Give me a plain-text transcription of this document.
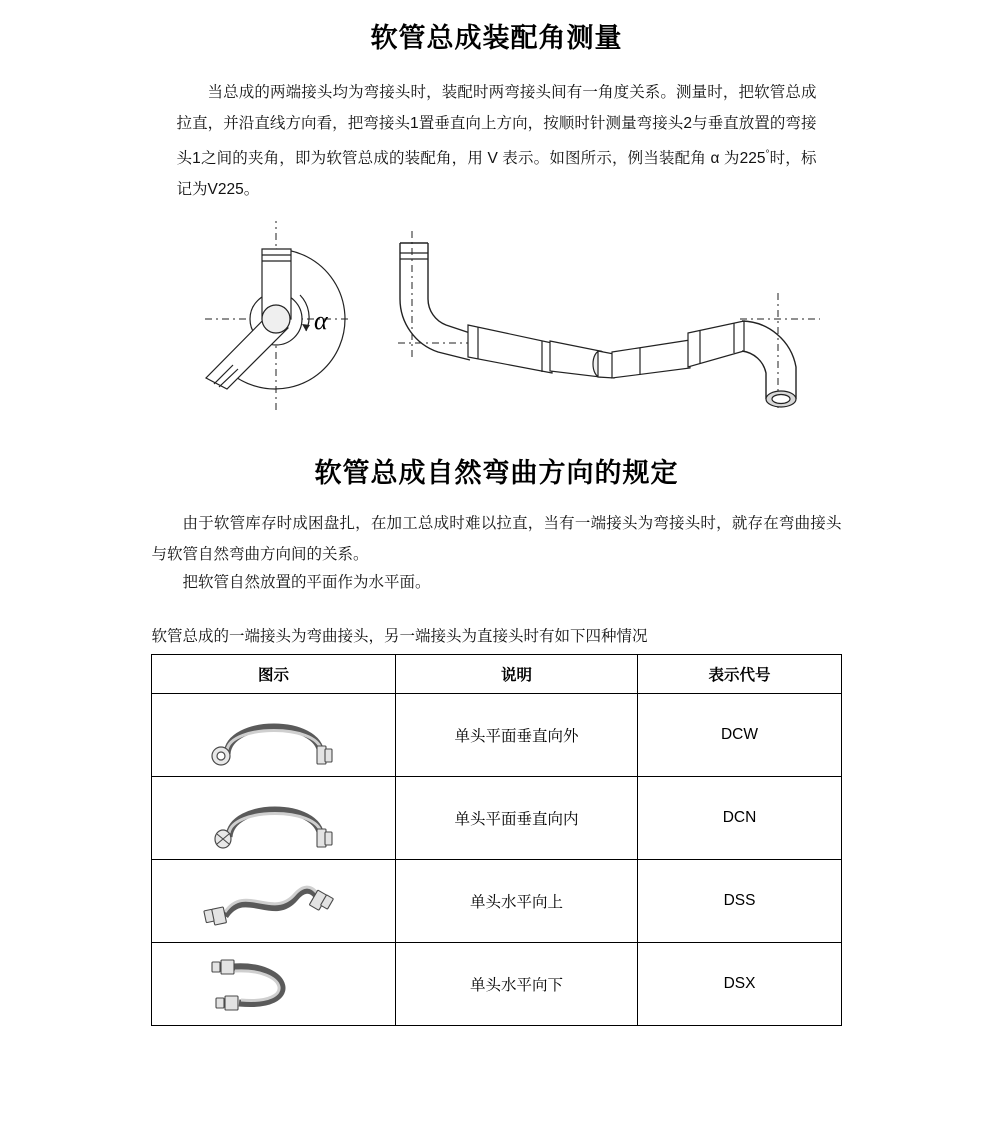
软管总成装配角测量

当总成的两端接头均为弯接头时，装配时两弯接头间有一角度关系。测量时，把软管总成拉直，并沿直线方向看，把弯接头1置垂直向上方向，按顺时针测量弯接头2与垂直放置的弯接头1之间的夹角，即为软管总成的装配角，用 V 表示。如图所示，例当装配角 α 为225°时，标记为V225。

α
软管总成自然弯曲方向的规定

由于软管库存时成困盘扎，在加工总成时难以拉直，当有一端接头为弯接头时，就存在弯曲接头与软管自然弯曲方向间的关系。

把软管自然放置的平面作为水平面。

软管总成的一端接头为弯曲接头，另一端接头为直接头时有如下四种情况
图示	说明	表示代号

	单头平面垂直向外	DCW

	单头平面垂直向内	DCN

	单头水平向上	DSS

	单头水平向下	DSX
